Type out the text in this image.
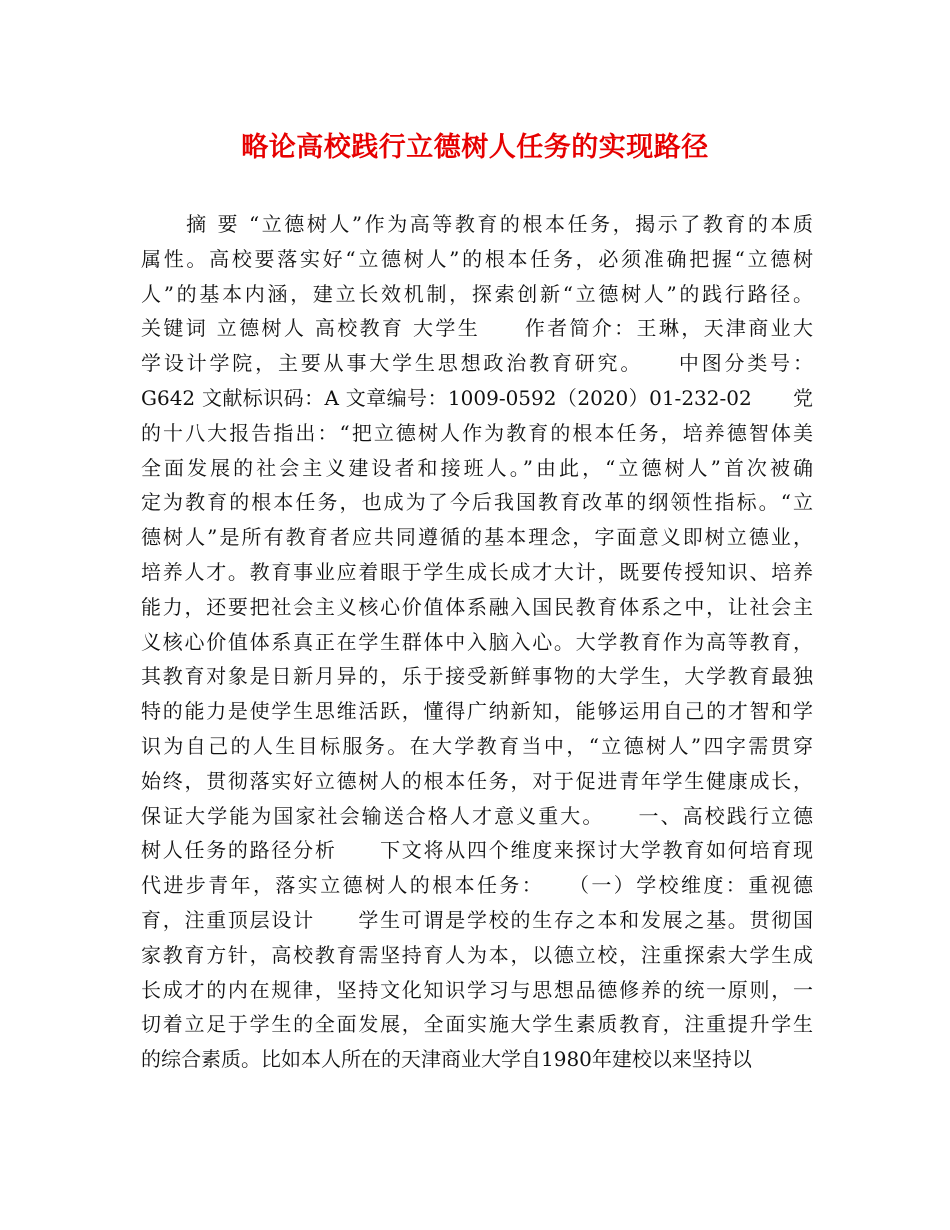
略论高校践行立德树人任务的实现路径
　　摘 要 “立德树人”作为高等教育的根本任务，揭示了教育的本质
属性。高校要落实好“立德树人”的根本任务，必须准确把握“立德树
人”的基本内涵，建立长效机制，探索创新“立德树人”的践行路径。
关键词 立德树人 高校教育 大学生　　作者简介：王琳，天津商业大
学设计学院，主要从事大学生思想政治教育研究。　　中图分类号：
G642 文献标识码：A 文章编号：1009-0592（2020）01-232-02　　党
的十八大报告指出：“把立德树人作为教育的根本任务，培养德智体美
全面发展的社会主义建设者和接班人。”由此，“立德树人”首次被确
定为教育的根本任务，也成为了今后我国教育改革的纲领性指标。“立
德树人”是所有教育者应共同遵循的基本理念，字面意义即树立德业，
培养人才。教育事业应着眼于学生成长成才大计，既要传授知识、培养
能力，还要把社会主义核心价值体系融入国民教育体系之中，让社会主
义核心价值体系真正在学生群体中入脑入心。大学教育作为高等教育，
其教育对象是日新月异的，乐于接受新鲜事物的大学生，大学教育最独
特的能力是使学生思维活跃，懂得广纳新知，能够运用自己的才智和学
识为自己的人生目标服务。在大学教育当中，“立德树人”四字需贯穿
始终，贯彻落实好立德树人的根本任务，对于促进青年学生健康成长，
保证大学能为国家社会输送合格人才意义重大。　　一、高校践行立德
树人任务的路径分析　　下文将从四个维度来探讨大学教育如何培育现
代进步青年，落实立德树人的根本任务：　　（一）学校维度：重视德
育，注重顶层设计　　学生可谓是学校的生存之本和发展之基。贯彻国
家教育方针，高校教育需坚持育人为本，以德立校，注重探索大学生成
长成才的内在规律，坚持文化知识学习与思想品德修养的统一原则，一
切着立足于学生的全面发展，全面实施大学生素质教育，注重提升学生
的综合素质。比如本人所在的天津商业大学自1980年建校以来坚持以
